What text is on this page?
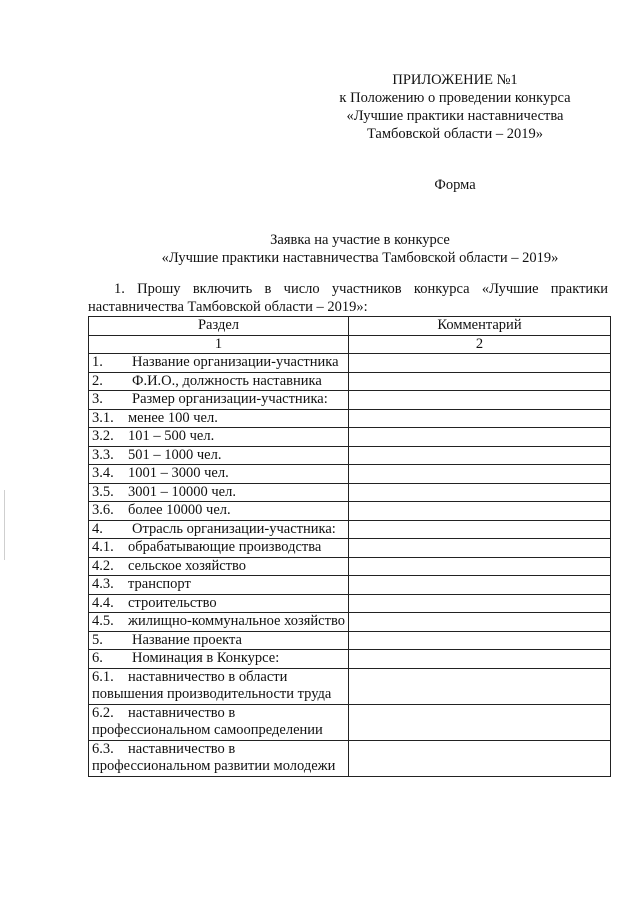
ПРИЛОЖЕНИЕ №1
к Положению о проведении конкурса
«Лучшие практики наставничества
Тамбовской области – 2019»
Форма
Заявка на участие в конкурсе
«Лучшие практики наставничества Тамбовской области – 2019»
1. Прошу включить в число участников конкурса «Лучшие практики
наставничества Тамбовской области – 2019»:
Раздел	Комментарий
1	2
1. Название организации-участника	
2. Ф.И.О., должность наставника	
3. Размер организации-участника:	
3.1. менее 100 чел.	
3.2. 101 – 500 чел.	
3.3. 501 – 1000 чел.	
3.4. 1001 – 3000 чел.	
3.5. 3001 – 10000 чел.	
3.6. более 10000 чел.	
4. Отрасль организации-участника:	
4.1. обрабатывающие производства	
4.2. сельское хозяйство	
4.3. транспорт	
4.4. строительство	
4.5. жилищно-коммунальное хозяйство	
5. Название проекта	
6. Номинация в Конкурсе:	
6.1. наставничество в области повышения производительности труда	
6.2. наставничество в профессиональном самоопределении	
6.3. наставничество в профессиональном развитии молодежи	
